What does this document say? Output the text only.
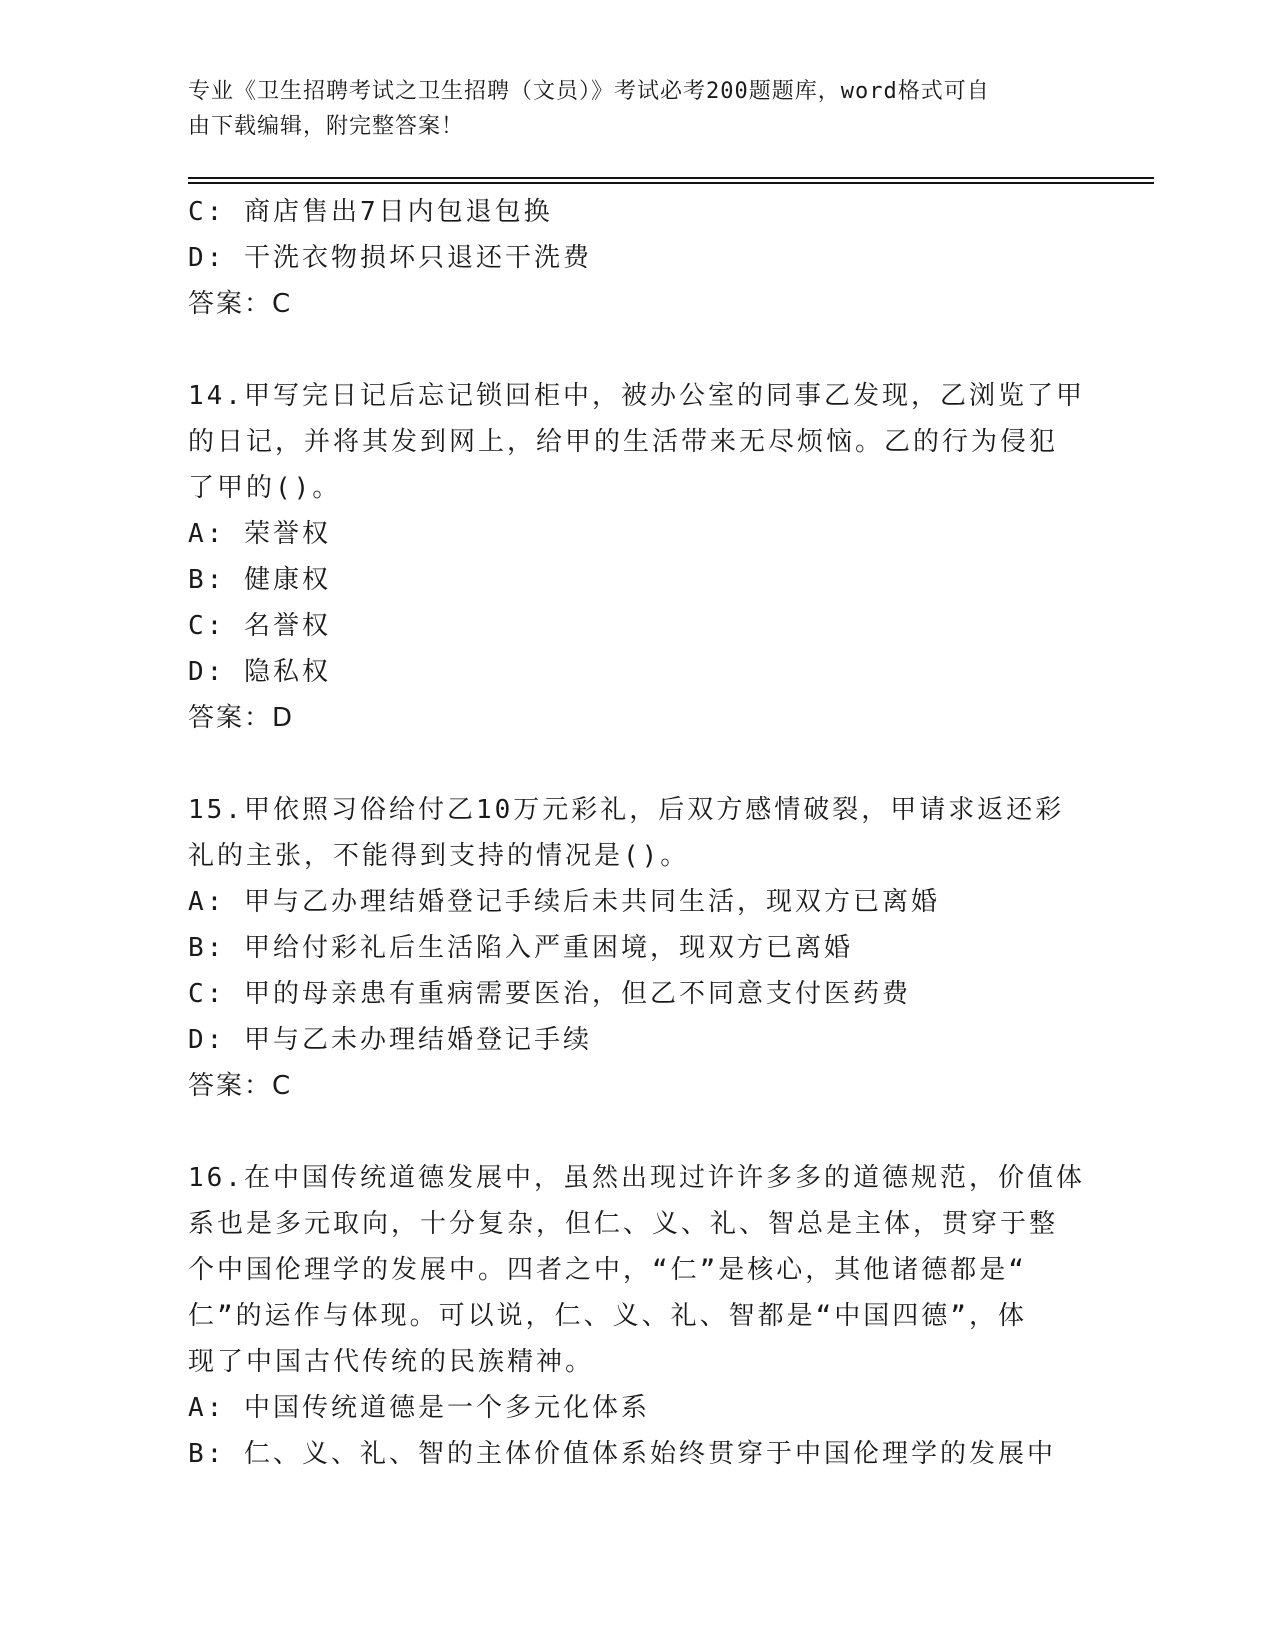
专业《卫生招聘考试之卫生招聘（文员）》考试必考200题题库，word格式可自
由下载编辑，附完整答案！
C: 商店售出7日内包退包换
D: 干洗衣物损坏只退还干洗费
答案：C
14.甲写完日记后忘记锁回柜中，被办公室的同事乙发现，乙浏览了甲
的日记，并将其发到网上，给甲的生活带来无尽烦恼。乙的行为侵犯
了甲的()。
A: 荣誉权
B: 健康权
C: 名誉权
D: 隐私权
答案：D
15.甲依照习俗给付乙10万元彩礼，后双方感情破裂，甲请求返还彩
礼的主张，不能得到支持的情况是()。
A: 甲与乙办理结婚登记手续后未共同生活，现双方已离婚
B: 甲给付彩礼后生活陷入严重困境，现双方已离婚
C: 甲的母亲患有重病需要医治，但乙不同意支付医药费
D: 甲与乙未办理结婚登记手续
答案：C
16.在中国传统道德发展中，虽然出现过许许多多的道德规范，价值体
系也是多元取向，十分复杂，但仁、义、礼、智总是主体，贯穿于整
个中国伦理学的发展中。四者之中，“仁”是核心，其他诸德都是“
仁”的运作与体现。可以说，仁、义、礼、智都是“中国四德”，体
现了中国古代传统的民族精神。
A: 中国传统道德是一个多元化体系
B: 仁、义、礼、智的主体价值体系始终贯穿于中国伦理学的发展中
